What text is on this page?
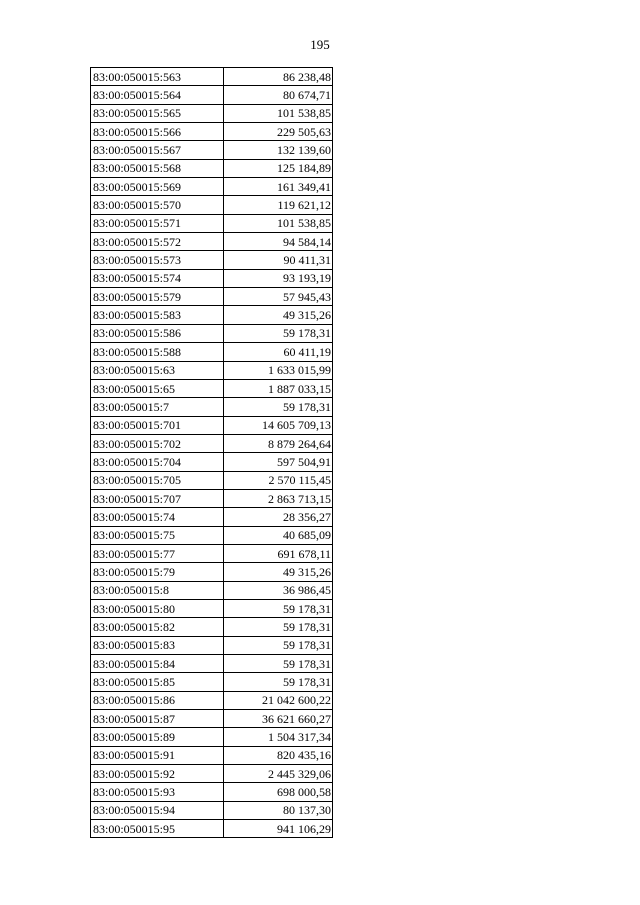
195
83:00:050015:563	86 238,48
83:00:050015:564	80 674,71
83:00:050015:565	101 538,85
83:00:050015:566	229 505,63
83:00:050015:567	132 139,60
83:00:050015:568	125 184,89
83:00:050015:569	161 349,41
83:00:050015:570	119 621,12
83:00:050015:571	101 538,85
83:00:050015:572	94 584,14
83:00:050015:573	90 411,31
83:00:050015:574	93 193,19
83:00:050015:579	57 945,43
83:00:050015:583	49 315,26
83:00:050015:586	59 178,31
83:00:050015:588	60 411,19
83:00:050015:63	1 633 015,99
83:00:050015:65	1 887 033,15
83:00:050015:7	59 178,31
83:00:050015:701	14 605 709,13
83:00:050015:702	8 879 264,64
83:00:050015:704	597 504,91
83:00:050015:705	2 570 115,45
83:00:050015:707	2 863 713,15
83:00:050015:74	28 356,27
83:00:050015:75	40 685,09
83:00:050015:77	691 678,11
83:00:050015:79	49 315,26
83:00:050015:8	36 986,45
83:00:050015:80	59 178,31
83:00:050015:82	59 178,31
83:00:050015:83	59 178,31
83:00:050015:84	59 178,31
83:00:050015:85	59 178,31
83:00:050015:86	21 042 600,22
83:00:050015:87	36 621 660,27
83:00:050015:89	1 504 317,34
83:00:050015:91	820 435,16
83:00:050015:92	2 445 329,06
83:00:050015:93	698 000,58
83:00:050015:94	80 137,30
83:00:050015:95	941 106,29
